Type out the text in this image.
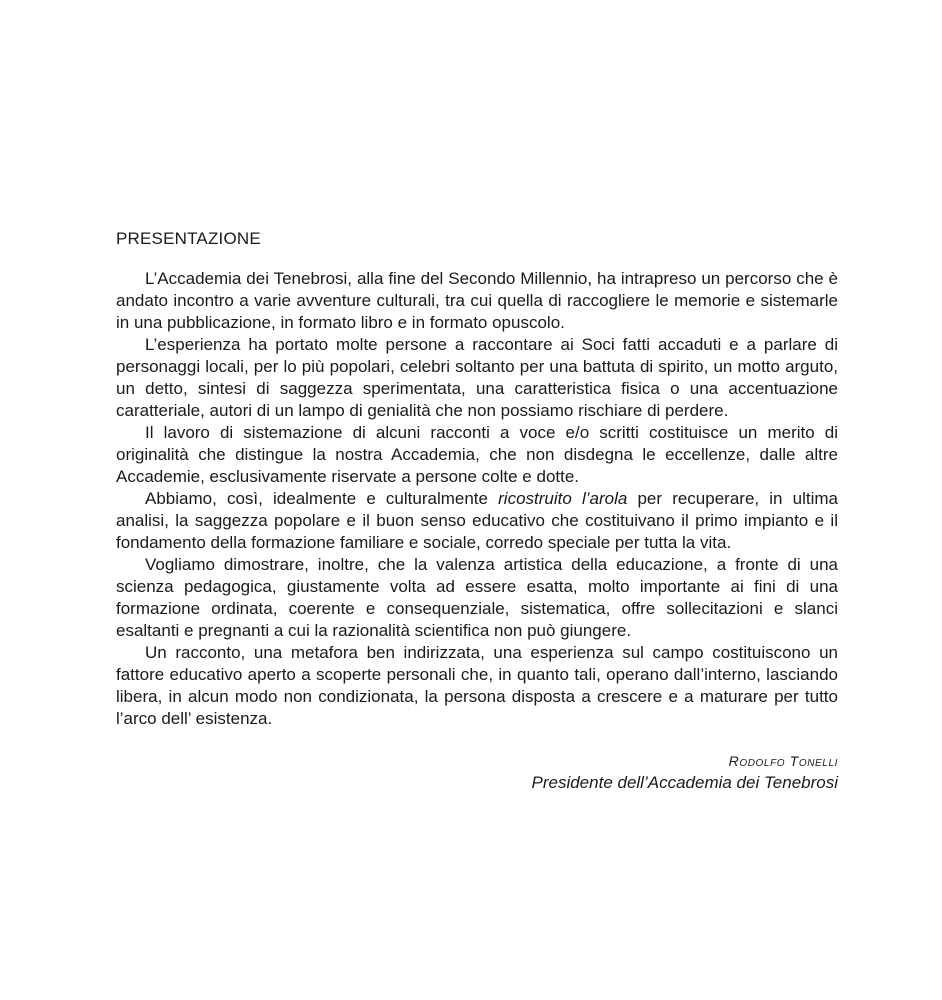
PRESENTAZIONE

L’Accademia dei Tenebrosi, alla fine del Secondo Millennio, ha intrapreso un percorso che è andato incontro a varie avventure culturali, tra cui quella di raccogliere le memorie e sistemarle in una pubblicazione, in formato libro e in formato opuscolo.

L’esperienza ha portato molte persone a raccontare ai Soci fatti accaduti e a parlare di personaggi locali, per lo più popolari, celebri soltanto per una battuta di spirito, un motto arguto, un detto, sintesi di saggezza sperimentata, una caratteristica fisica o una accentuazione caratteriale, autori di un lampo di genialità che non possiamo rischiare di perdere.

Il lavoro di sistemazione di alcuni racconti a voce e/o scritti costituisce un merito di originalità che distingue la nostra Accademia, che non disdegna le eccellenze, dalle altre Accademie, esclusivamente riservate a persone colte e dotte.

Abbiamo, così, idealmente e culturalmente ricostruito l’arola per recuperare, in ultima analisi, la saggezza popolare e il buon senso educativo che costituivano il primo impianto e il fondamento della formazione familiare e sociale, corredo speciale per tutta la vita.

Vogliamo dimostrare, inoltre, che la valenza artistica della educazione, a fronte di una scienza pedagogica, giustamente volta ad essere esatta, molto importante ai fini di una formazione ordinata, coerente e consequenziale, sistematica, offre sollecitazioni e slanci esaltanti e pregnanti a cui la razionalità scientifica non può giungere.

Un racconto, una metafora ben indirizzata, una esperienza sul campo costituiscono un fattore educativo aperto a scoperte personali che, in quanto tali, operano dall’interno, lasciando libera, in alcun modo non condizionata, la persona disposta a crescere e a maturare per tutto l’arco dell’ esistenza.

Rodolfo Tonelli
Presidente dell’Accademia dei Tenebrosi
